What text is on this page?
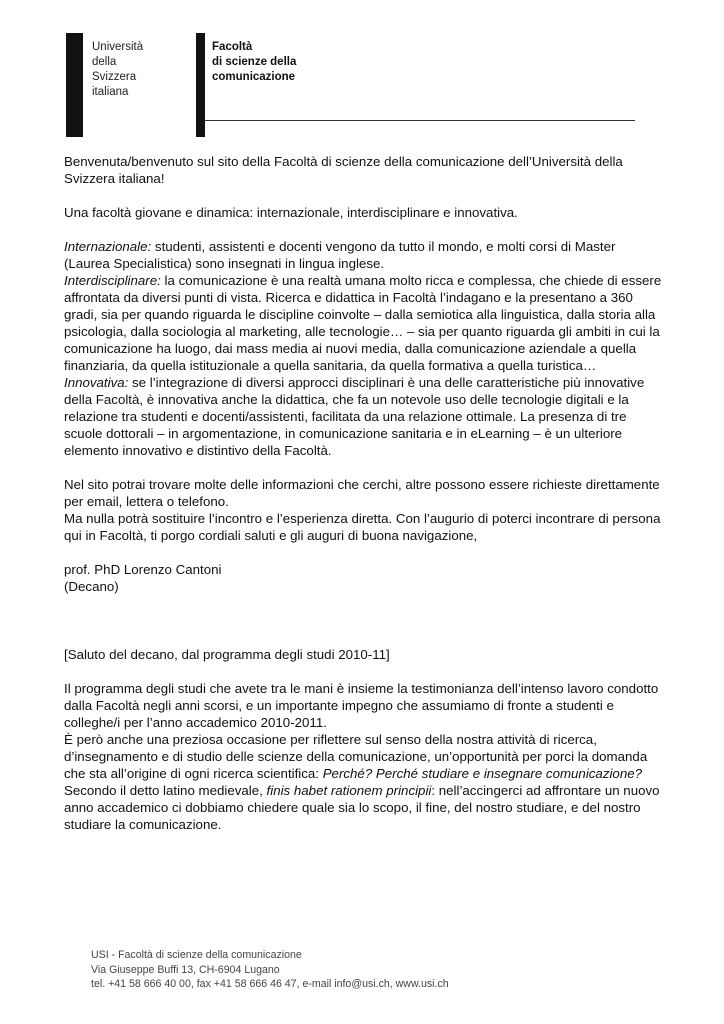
Università
della
Svizzera
italiana
Facoltà
di scienze della
comunicazione

Benvenuta/benvenuto sul sito della Facoltà di scienze della comunicazione dell’Università della Svizzera italiana!

Una facoltà giovane e dinamica: internazionale, interdisciplinare e innovativa.

Internazionale: studenti, assistenti e docenti vengono da tutto il mondo, e molti corsi di Master (Laurea Specialistica) sono insegnati in lingua inglese.

Interdisciplinare: la comunicazione è una realtà umana molto ricca e complessa, che chiede di essere affrontata da diversi punti di vista. Ricerca e didattica in Facoltà l’indagano e la presentano a 360 gradi, sia per quando riguarda le discipline coinvolte – dalla semiotica alla linguistica, dalla storia alla psicologia, dalla sociologia al marketing, alle tecnologie… – sia per quanto riguarda gli ambiti in cui la comunicazione ha luogo, dai mass media ai nuovi media, dalla comunicazione aziendale a quella finanziaria, da quella istituzionale a quella sanitaria, da quella formativa a quella turistica…

Innovativa: se l’integrazione di diversi approcci disciplinari è una delle caratteristiche più innovative della Facoltà, è innovativa anche la didattica, che fa un notevole uso delle tecnologie digitali e la relazione tra studenti e docenti/assistenti, facilitata da una relazione ottimale. La presenza di tre scuole dottorali – in argomentazione, in comunicazione sanitaria e in eLearning – è un ulteriore elemento innovativo e distintivo della Facoltà.

Nel sito potrai trovare molte delle informazioni che cerchi, altre possono essere richieste direttamente per email, lettera o telefono.

Ma nulla potrà sostituire l’incontro e l’esperienza diretta. Con l’augurio di poterci incontrare di persona qui in Facoltà, ti porgo cordiali saluti e gli auguri di buona navigazione,

prof. PhD Lorenzo Cantoni

(Decano)

[Saluto del decano, dal programma degli studi 2010-11]

Il programma degli studi che avete tra le mani è insieme la testimonianza dell’intenso lavoro condotto dalla Facoltà negli anni scorsi, e un importante impegno che assumiamo di fronte a studenti e colleghe/i per l’anno accademico 2010-2011.

È però anche una preziosa occasione per riflettere sul senso della nostra attività di ricerca, d’insegnamento e di studio delle scienze della comunicazione, un’opportunità per porci la domanda che sta all’origine di ogni ricerca scientifica: Perché? Perché studiare e insegnare comunicazione? Secondo il detto latino medievale, finis habet rationem principii: nell’accingerci ad affrontare un nuovo anno accademico ci dobbiamo chiedere quale sia lo scopo, il fine, del nostro studiare, e del nostro studiare la comunicazione.

USI - Facoltà di scienze della comunicazione
Via Giuseppe Buffi 13, CH-6904 Lugano
tel. +41 58 666 40 00, fax +41 58 666 46 47, e-mail info@usi.ch, www.usi.ch
